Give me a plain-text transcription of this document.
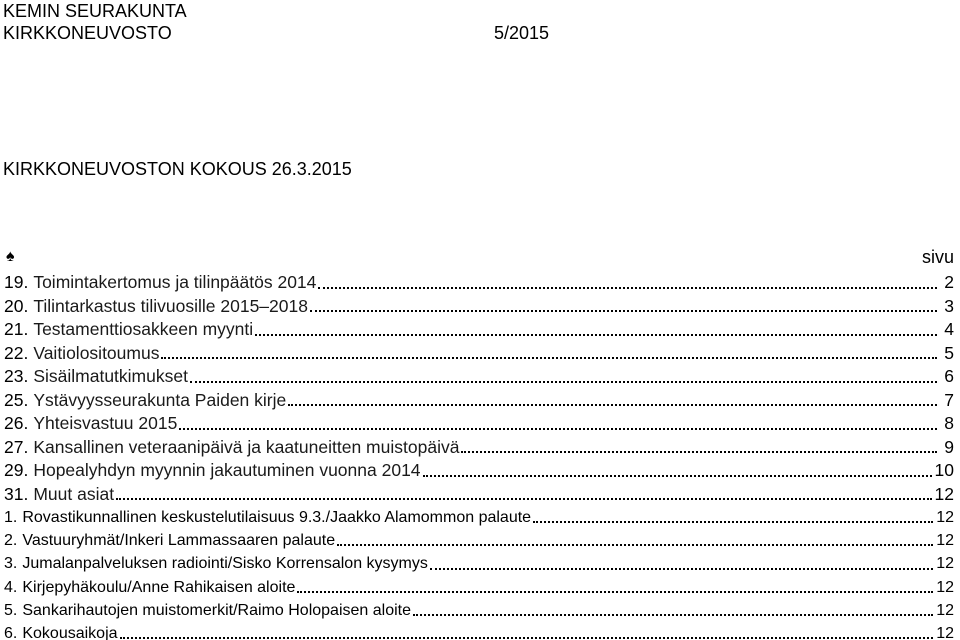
KEMIN SEURAKUNTA
KIRKKONEUVOSTO	5/2015
KIRKKONEUVOSTON KOKOUS 26.3.2015
♠	sivu
19. Toimintakertomus ja tilinpäätös 2014	2
20. Tilintarkastus tilivuosille 2015–2018	3
21. Testamenttiosakkeen myynti	4
22. Vaitiolositoumus	5
23. Sisäilmatutkimukset	6
25. Ystävyysseurakunta Paiden kirje	7
26. Yhteisvastuu 2015	8
27. Kansallinen veteraanipäivä ja kaatuneitten muistopäivä	9
29. Hopealyhdyn myynnin jakautuminen vuonna 2014	10
31. Muut asiat	12
1. Rovastikunnallinen keskustelutilaisuus 9.3./Jaakko Alamommon palaute	12
2. Vastuuryhmät/Inkeri Lammassaaren palaute	12
3. Jumalanpalveluksen radiointi/Sisko Korrensalon kysymys	12
4. Kirjepyhäkoulu/Anne Rahikaisen aloite	12
5. Sankarihautojen muistomerkit/Raimo Holopaisen aloite	12
6. Kokousaikoja	12
